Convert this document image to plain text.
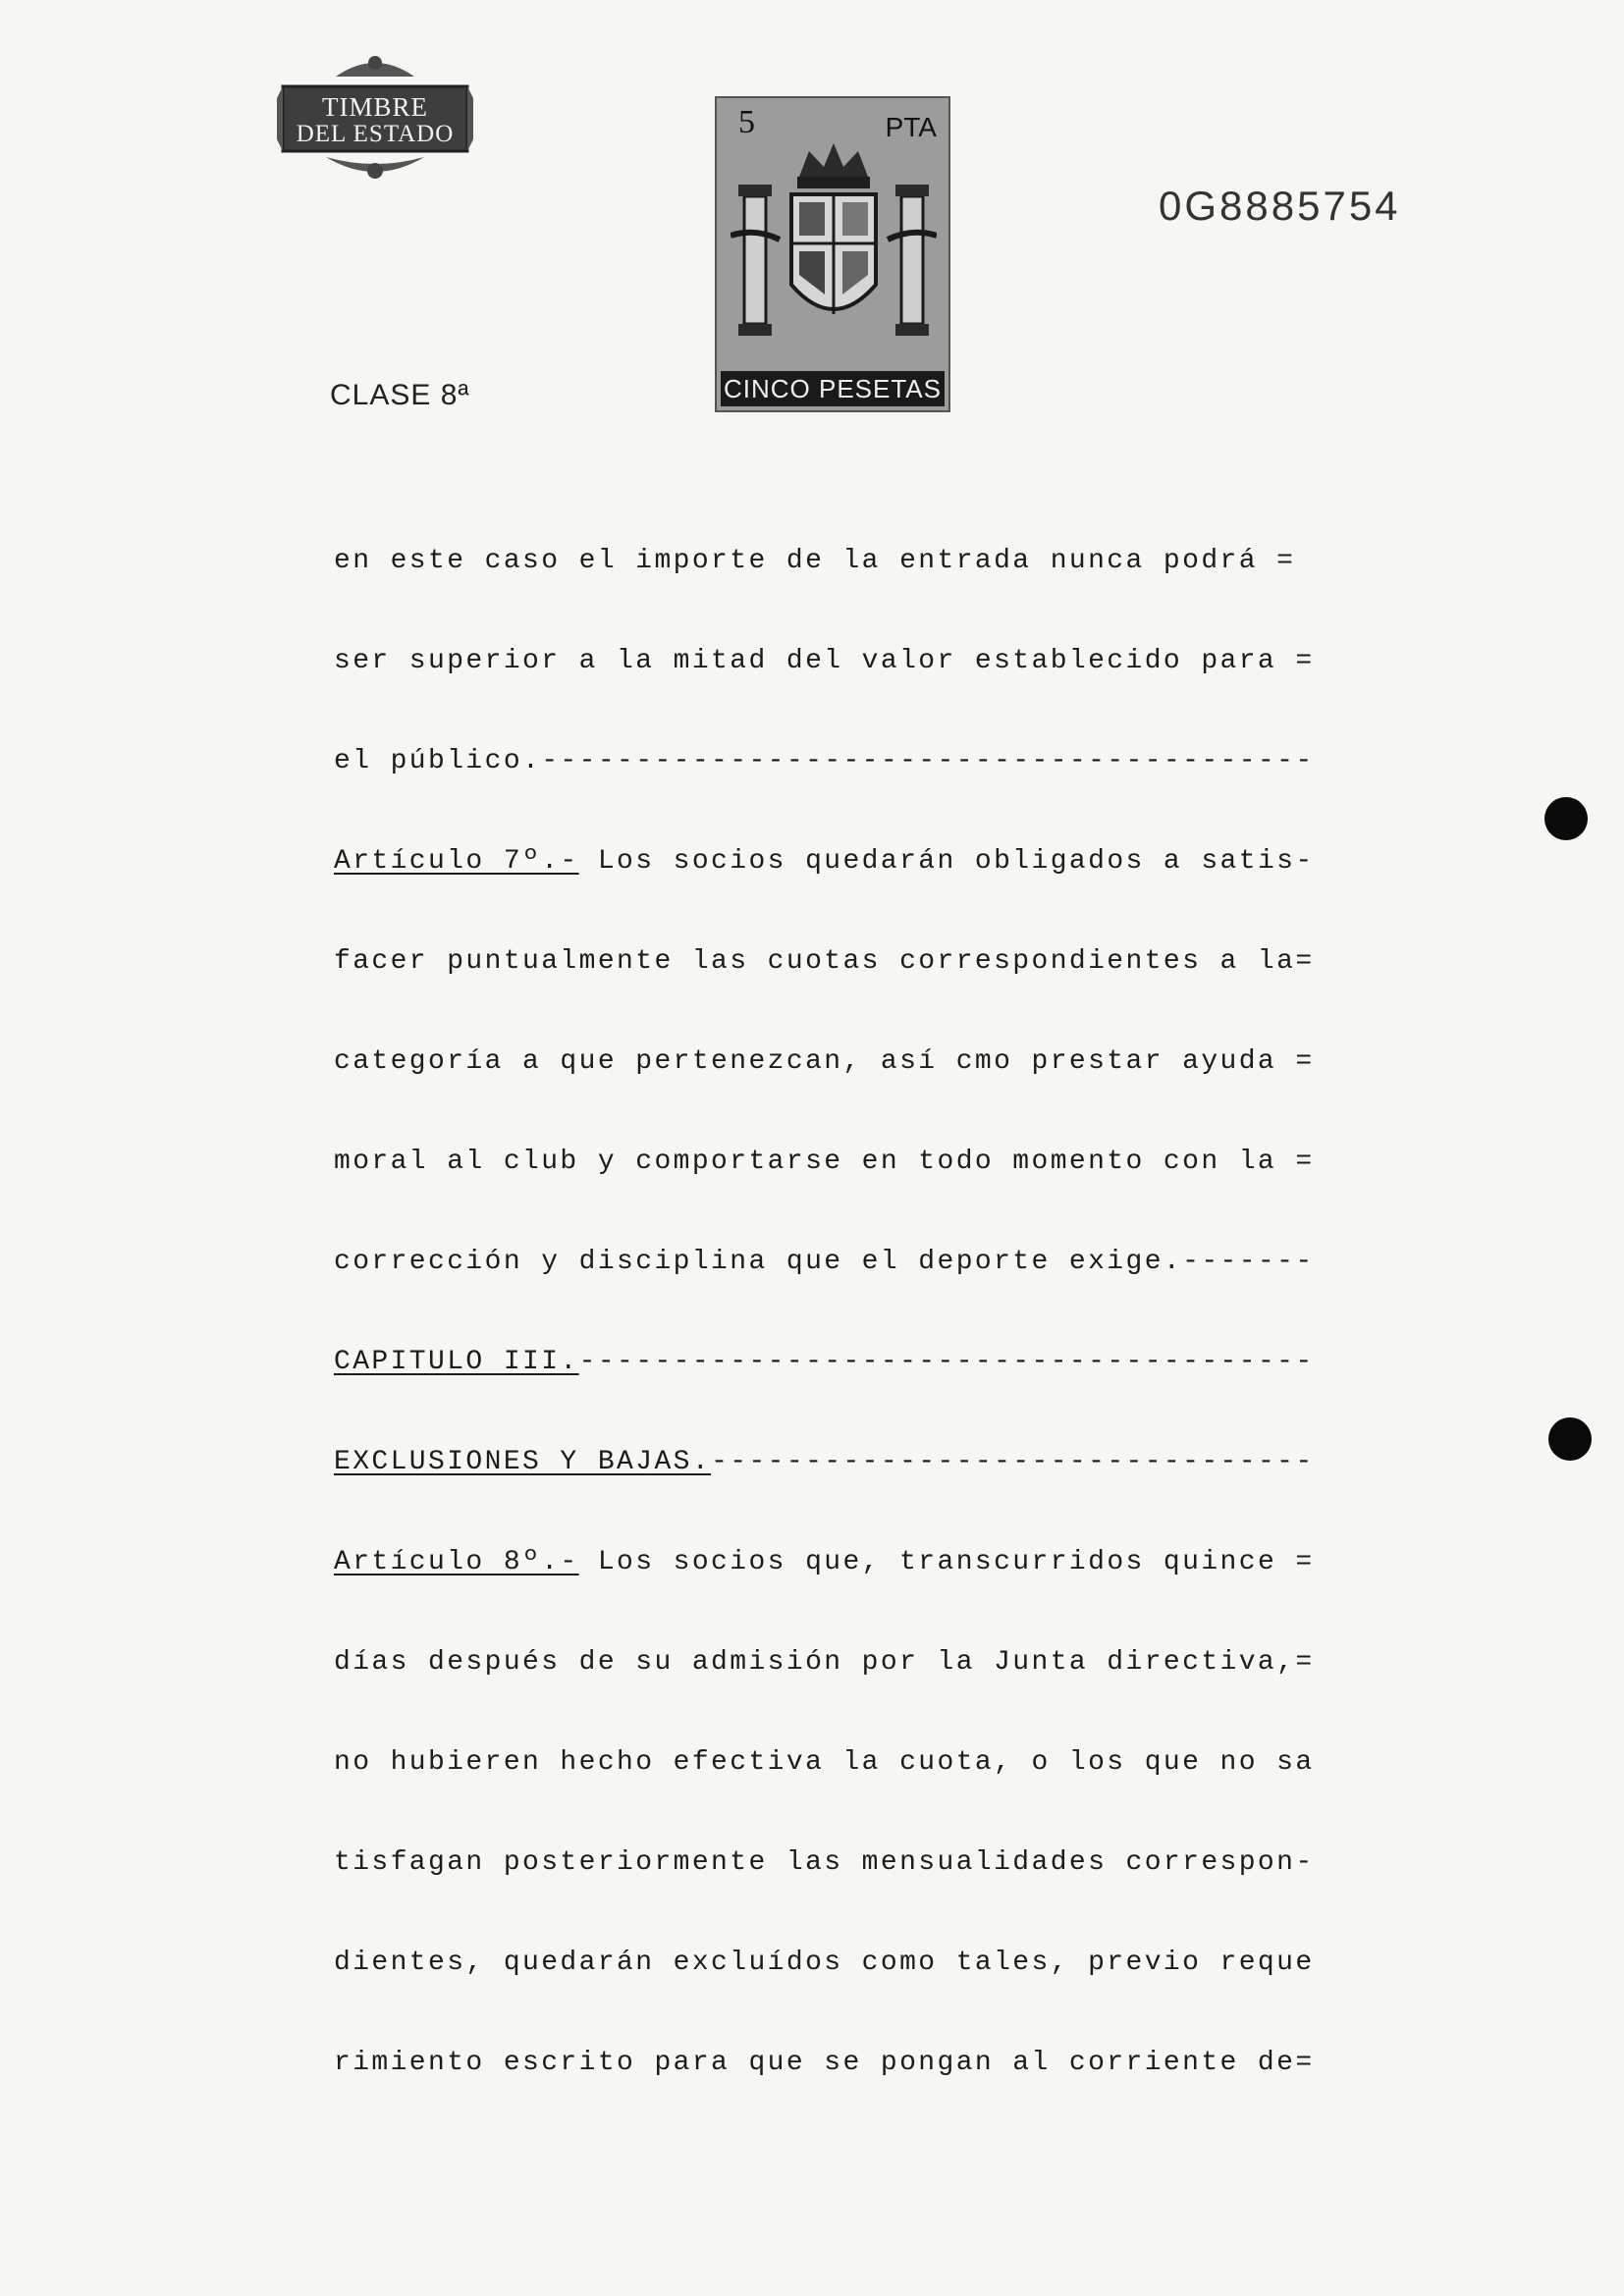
TIMBRE
DEL ESTADO	5	PTA
CINCO PESETAS
0G8885754
CLASE 8ª
en este caso el importe de la entrada nunca podrá =
ser superior a la mitad del valor establecido para =
el público.-----------------------------------------
Artículo 7º.- Los socios quedarán obligados a satis-
facer puntualmente las cuotas correspondientes a la=
categoría a que pertenezcan, así cmo prestar ayuda =
moral al club y comportarse en todo momento con la =
corrección y disciplina que el deporte exige.-------
CAPITULO III.---------------------------------------
EXCLUSIONES Y BAJAS.--------------------------------
Artículo 8º.- Los socios que, transcurridos quince =
días después de su admisión por la Junta directiva,=
no hubieren hecho efectiva la cuota, o los que no sa
tisfagan posteriormente las mensualidades correspon-
dientes, quedarán excluídos como tales, previo reque
rimiento escrito para que se pongan al corriente de=
